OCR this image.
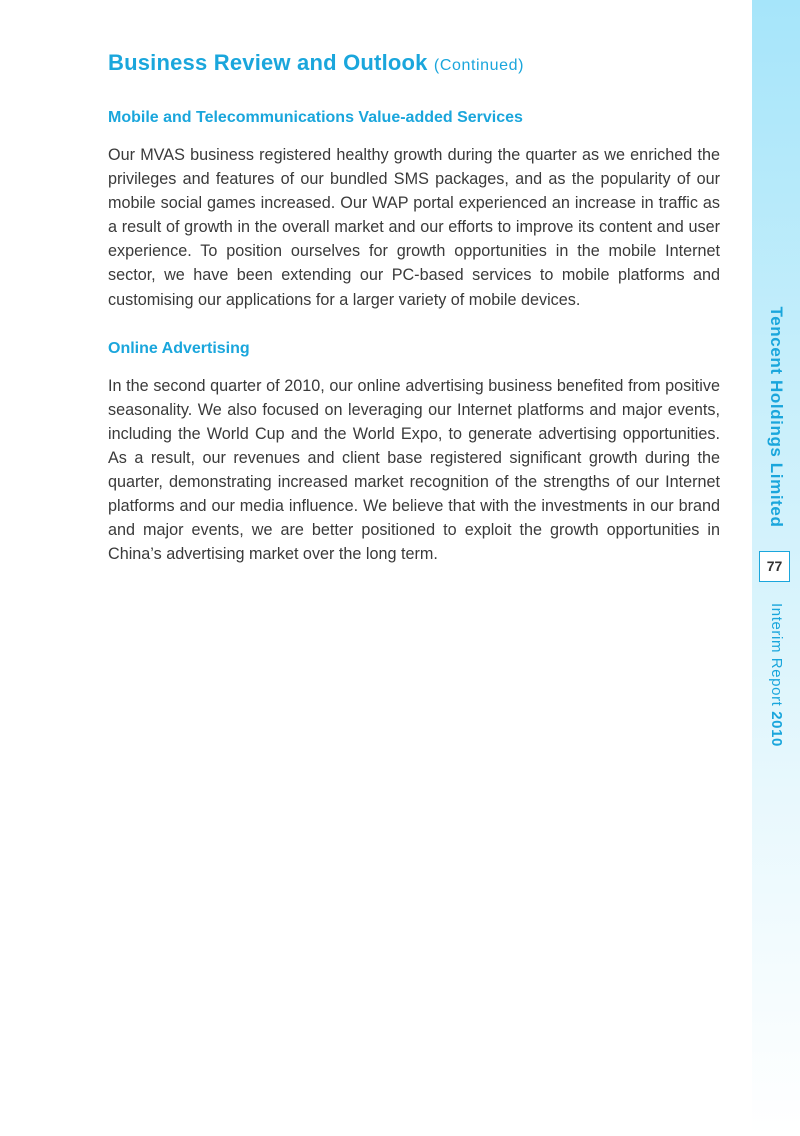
Business Review and Outlook (Continued)
Mobile and Telecommunications Value-added Services

Our MVAS business registered healthy growth during the quarter as we enriched the privileges and features of our bundled SMS packages, and as the popularity of our mobile social games increased. Our WAP portal experienced an increase in traffic as a result of growth in the overall market and our efforts to improve its content and user experience. To position ourselves for growth opportunities in the mobile Internet sector, we have been extending our PC-based services to mobile platforms and customising our applications for a larger variety of mobile devices.

Online Advertising

In the second quarter of 2010, our online advertising business benefited from positive seasonality. We also focused on leveraging our Internet platforms and major events, including the World Cup and the World Expo, to generate advertising opportunities. As a result, our revenues and client base registered significant growth during the quarter, demonstrating increased market recognition of the strengths of our Internet platforms and our media influence. We believe that with the investments in our brand and major events, we are better positioned to exploit the growth opportunities in China’s advertising market over the long term.

Tencent Holdings Limited
77
Interim Report 2010
